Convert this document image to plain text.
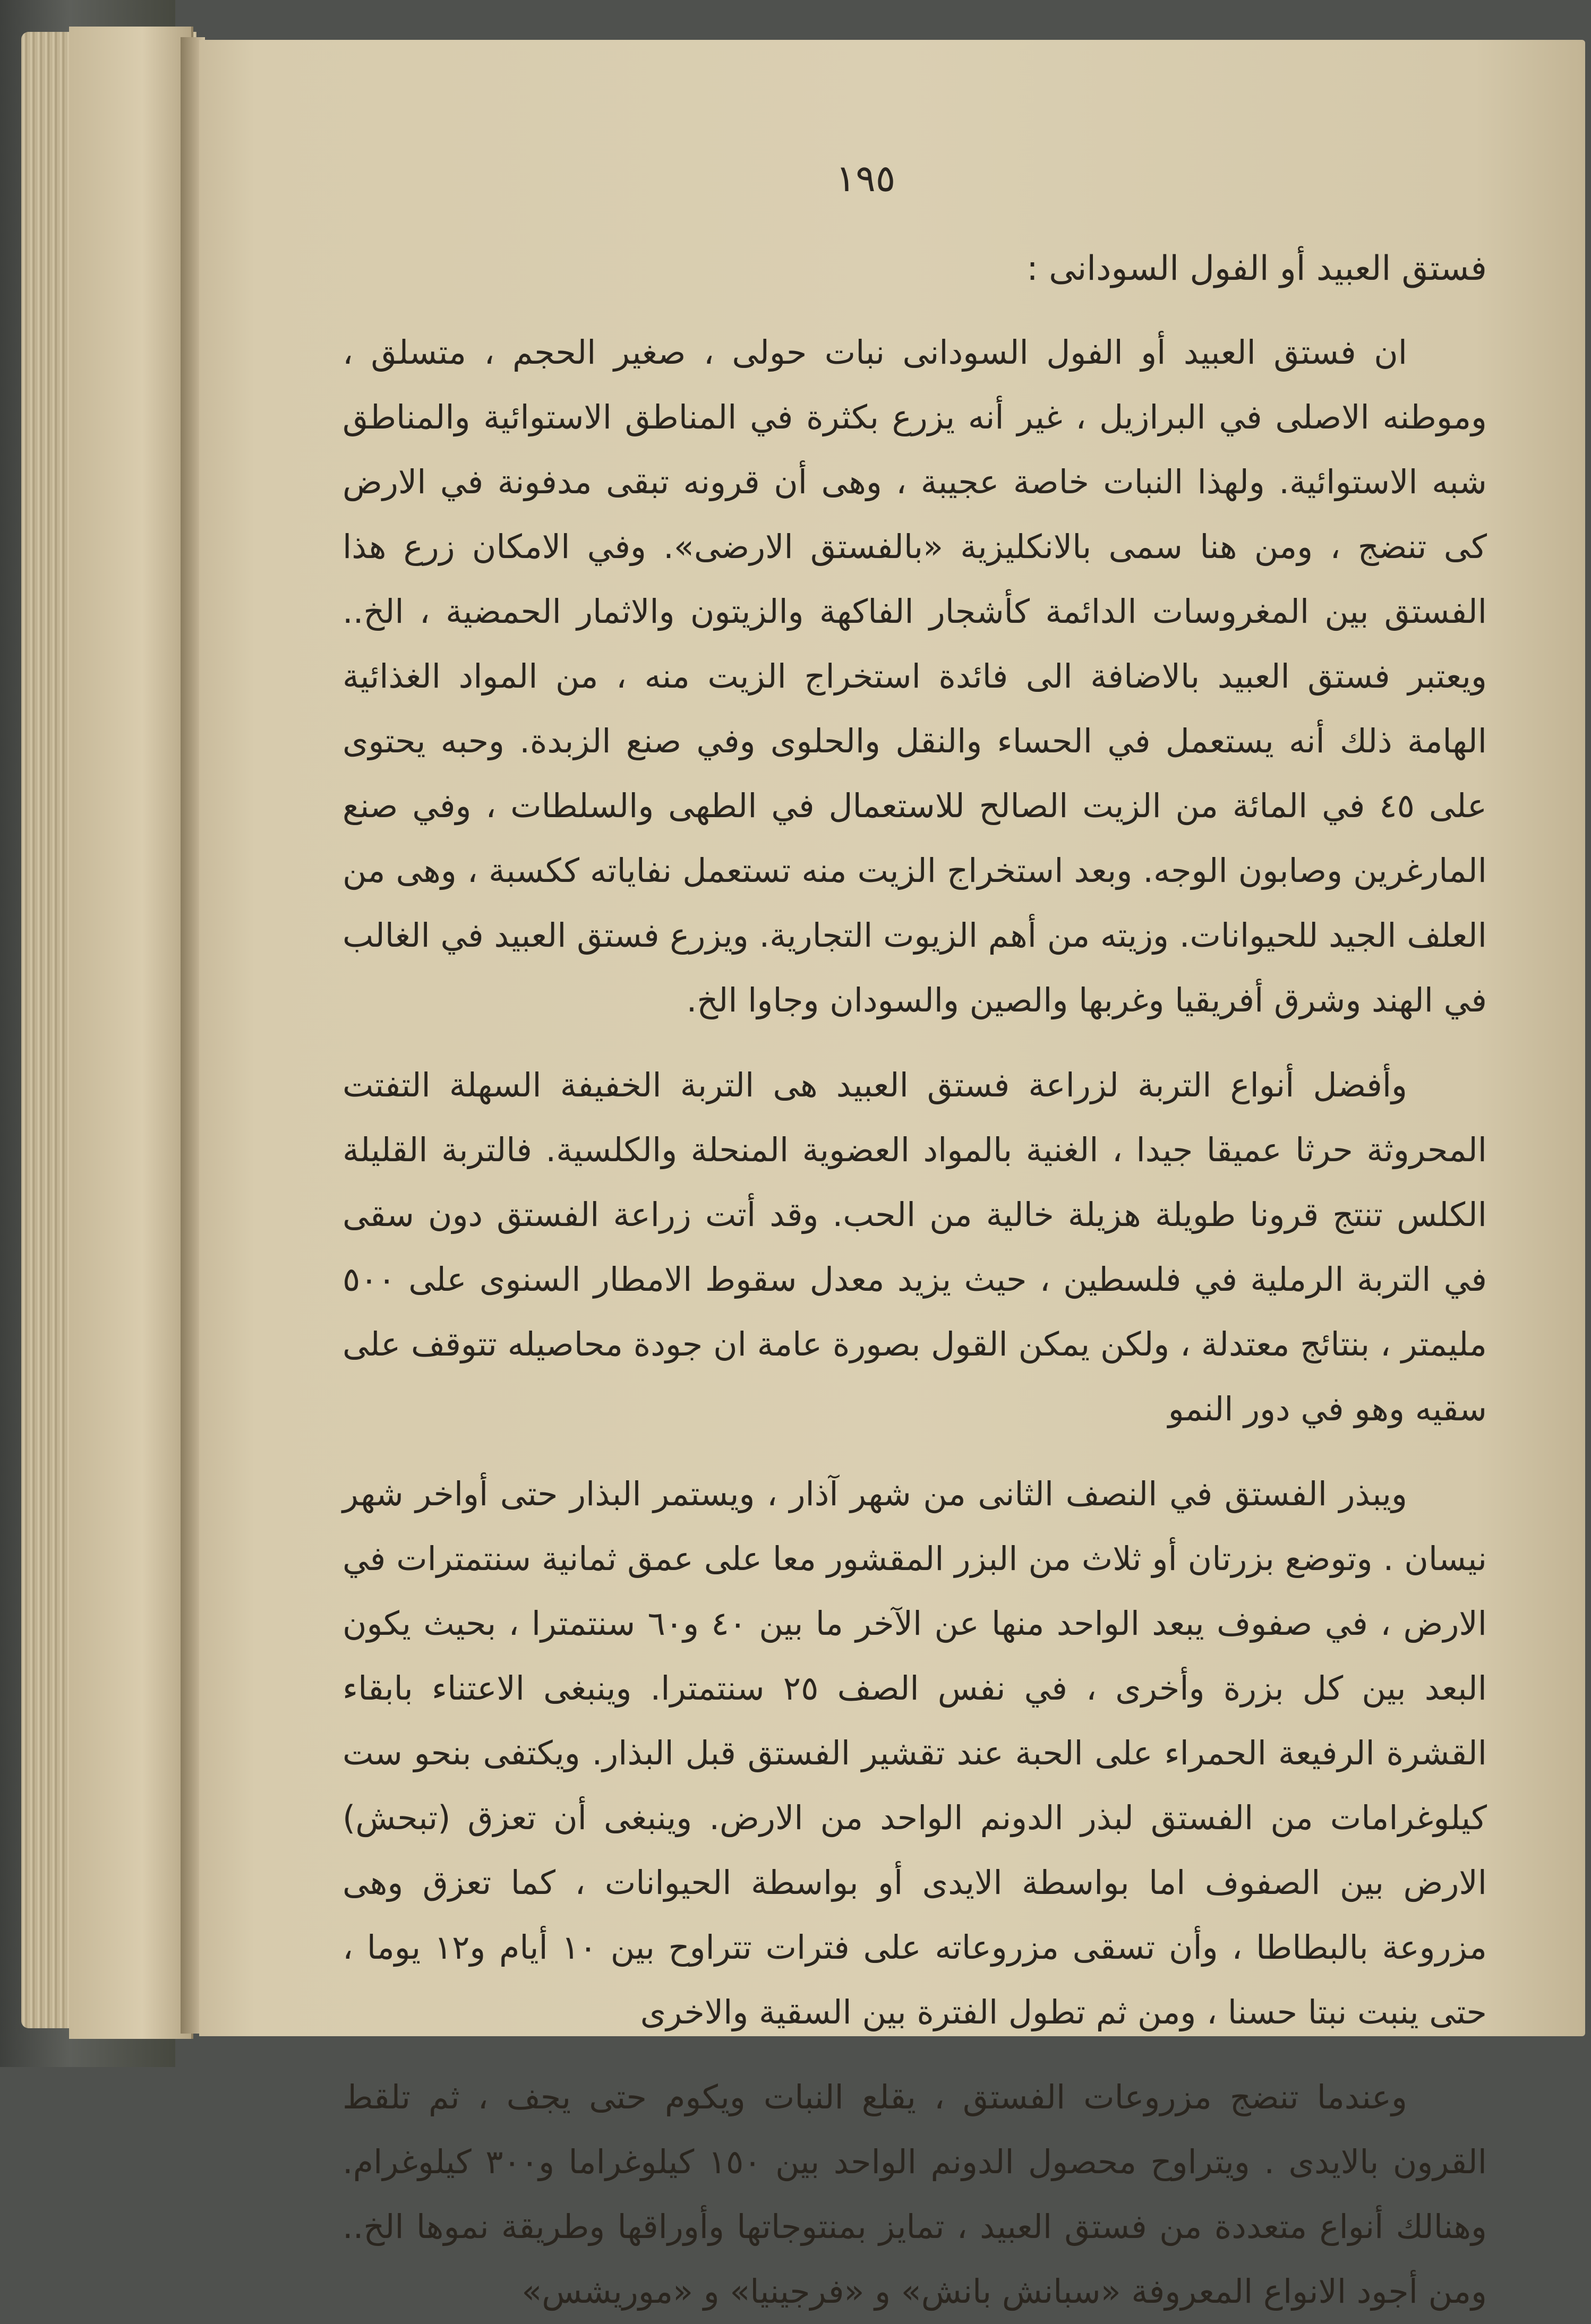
١٩٥
فستق العبيد أو الفول السودانى :

ان فستق العبيد أو الفول السودانى نبات حولى ، صغير الحجم ، متسلق ، وموطنه الاصلى في البرازيل ، غير أنه يزرع بكثرة في المناطق الاستوائية والمناطق شبه الاستوائية. ولهذا النبات خاصة عجيبة ، وهى أن قرونه تبقى مدفونة في الارض كى تنضج ، ومن هنا سمى بالانكليزية «بالفستق الارضى». وفي الامكان زرع هذا الفستق بين المغروسات الدائمة كأشجار الفاكهة والزيتون والاثمار الحمضية ، الخ.. ويعتبر فستق العبيد بالاضافة الى فائدة استخراج الزيت منه ، من المواد الغذائية الهامة ذلك أنه يستعمل في الحساء والنقل والحلوى وفي صنع الزبدة. وحبه يحتوى على ٤٥ في المائة من الزيت الصالح للاستعمال في الطهى والسلطات ، وفي صنع المارغرين وصابون الوجه. وبعد استخراج الزيت منه تستعمل نفاياته ككسبة ، وهى من العلف الجيد للحيوانات. وزيته من أهم الزيوت التجارية. ويزرع فستق العبيد في الغالب في الهند وشرق أفريقيا وغربها والصين والسودان وجاوا الخ.

وأفضل أنواع التربة لزراعة فستق العبيد هى التربة الخفيفة السهلة التفتت المحروثة حرثا عميقا جيدا ، الغنية بالمواد العضوية المنحلة والكلسية. فالتربة القليلة الكلس تنتج قرونا طويلة هزيلة خالية من الحب. وقد أتت زراعة الفستق دون سقى في التربة الرملية في فلسطين ، حيث يزيد معدل سقوط الامطار السنوى على ٥٠٠ مليمتر ، بنتائج معتدلة ، ولكن يمكن القول بصورة عامة ان جودة محاصيله تتوقف على سقيه وهو في دور النمو

ويبذر الفستق في النصف الثانى من شهر آذار ، ويستمر البذار حتى أواخر شهر نيسان . وتوضع بزرتان أو ثلاث من البزر المقشور معا على عمق ثمانية سنتمترات في الارض ، في صفوف يبعد الواحد منها عن الآخر ما بين ٤٠ و٦٠ سنتمترا ، بحيث يكون البعد بين كل بزرة وأخرى ، في نفس الصف ٢٥ سنتمترا. وينبغى الاعتناء بابقاء القشرة الرفيعة الحمراء على الحبة عند تقشير الفستق قبل البذار. ويكتفى بنحو ست كيلوغرامات من الفستق لبذر الدونم الواحد من الارض. وينبغى أن تعزق (تبحش) الارض بين الصفوف اما بواسطة الايدى أو بواسطة الحيوانات ، كما تعزق وهى مزروعة بالبطاطا ، وأن تسقى مزروعاته على فترات تتراوح بين ١٠ أيام و١٢ يوما ، حتى ينبت نبتا حسنا ، ومن ثم تطول الفترة بين السقية والاخرى

وعندما تنضج مزروعات الفستق ، يقلع النبات ويكوم حتى يجف ، ثم تلقط القرون بالايدى . ويتراوح محصول الدونم الواحد بين ١٥٠ كيلوغراما و٣٠٠ كيلوغرام. وهنالك أنواع متعددة من فستق العبيد ، تمايز بمنتوجاتها وأوراقها وطريقة نموها الخ.. ومن أجود الانواع المعروفة «سبانش بانش» و «فرجينيا» و «موريشس»
